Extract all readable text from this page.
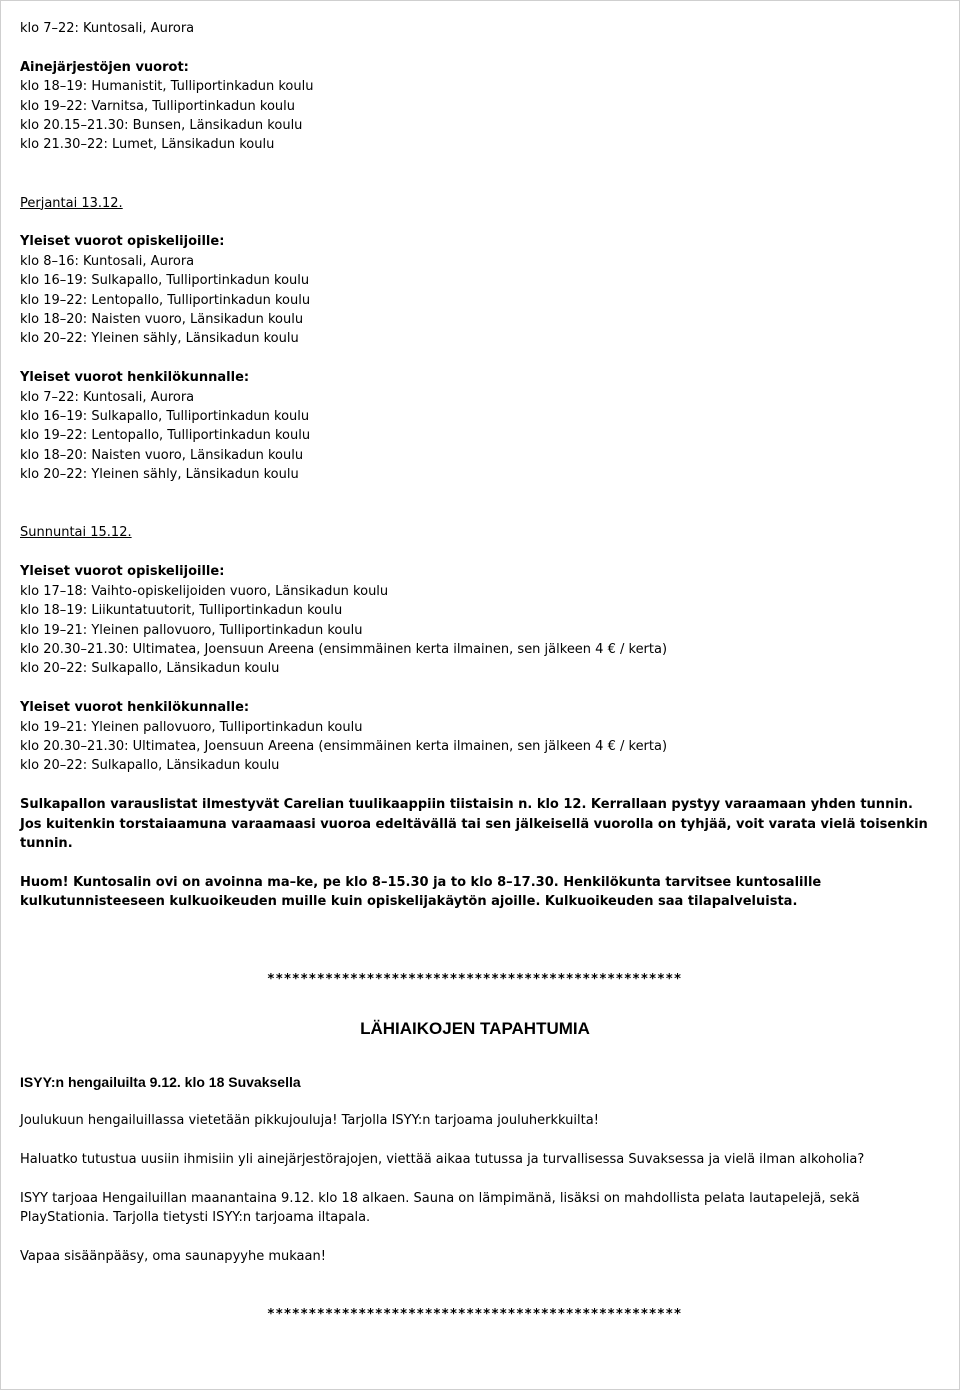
klo 7–22: Kuntosali, Aurora
Ainejärjestöjen vuorot:
klo 18–19: Humanistit, Tulliportinkadun koulu
klo 19–22: Varnitsa, Tulliportinkadun koulu
klo 20.15–21.30: Bunsen, Länsikadun koulu
klo 21.30–22: Lumet, Länsikadun koulu
Perjantai 13.12.
Yleiset vuorot opiskelijoille:
klo 8–16: Kuntosali, Aurora
klo 16–19: Sulkapallo, Tulliportinkadun koulu
klo 19–22: Lentopallo, Tulliportinkadun koulu
klo 18–20: Naisten vuoro, Länsikadun koulu
klo 20–22: Yleinen sähly, Länsikadun koulu
Yleiset vuorot henkilökunnalle:
klo 7–22: Kuntosali, Aurora
klo 16–19: Sulkapallo, Tulliportinkadun koulu
klo 19–22: Lentopallo, Tulliportinkadun koulu
klo 18–20: Naisten vuoro, Länsikadun koulu
klo 20–22: Yleinen sähly, Länsikadun koulu
Sunnuntai 15.12.
Yleiset vuorot opiskelijoille:
klo 17–18: Vaihto-opiskelijoiden vuoro, Länsikadun koulu
klo 18–19: Liikuntatuutorit, Tulliportinkadun koulu
klo 19–21: Yleinen pallovuoro, Tulliportinkadun koulu
klo 20.30–21.30: Ultimatea, Joensuun Areena (ensimmäinen kerta ilmainen, sen jälkeen 4 € / kerta)
klo 20–22: Sulkapallo, Länsikadun koulu
Yleiset vuorot henkilökunnalle:
klo 19–21: Yleinen pallovuoro, Tulliportinkadun koulu
klo 20.30–21.30: Ultimatea, Joensuun Areena (ensimmäinen kerta ilmainen, sen jälkeen 4 € / kerta)
klo 20–22: Sulkapallo, Länsikadun koulu
Sulkapallon varauslistat ilmestyvät Carelian tuulikaappiin tiistaisin n. klo 12. Kerrallaan pystyy varaamaan yhden tunnin. Jos kuitenkin torstaiaamuna varaamaasi vuoroa edeltävällä tai sen jälkeisellä vuorolla on tyhjää, voit varata vielä toisenkin tunnin.
Huom! Kuntosalin ovi on avoinna ma–ke, pe klo 8–15.30 ja to klo 8–17.30. Henkilökunta tarvitsee kuntosalille kulkutunnisteeseen kulkuoikeuden muille kuin opiskelijakäytön ajoille. Kulkuoikeuden saa tilapalveluista.
**************************************************
LÄHIAIKOJEN TAPAHTUMIA
ISYY:n hengailuilta 9.12. klo 18 Suvaksella
Joulukuun hengailuillassa vietetään pikkujouluja! Tarjolla ISYY:n tarjoama jouluherkkuilta!
Haluatko tutustua uusiin ihmisiin yli ainejärjestörajojen, viettää aikaa tutussa ja turvallisessa Suvaksessa ja vielä ilman alkoholia?
ISYY tarjoaa Hengailuillan maanantaina 9.12. klo 18 alkaen. Sauna on lämpimänä, lisäksi on mahdollista pelata lautapelejä, sekä PlayStationia. Tarjolla tietysti ISYY:n tarjoama iltapala.
Vapaa sisäänpääsy, oma saunapyyhe mukaan!
**************************************************
